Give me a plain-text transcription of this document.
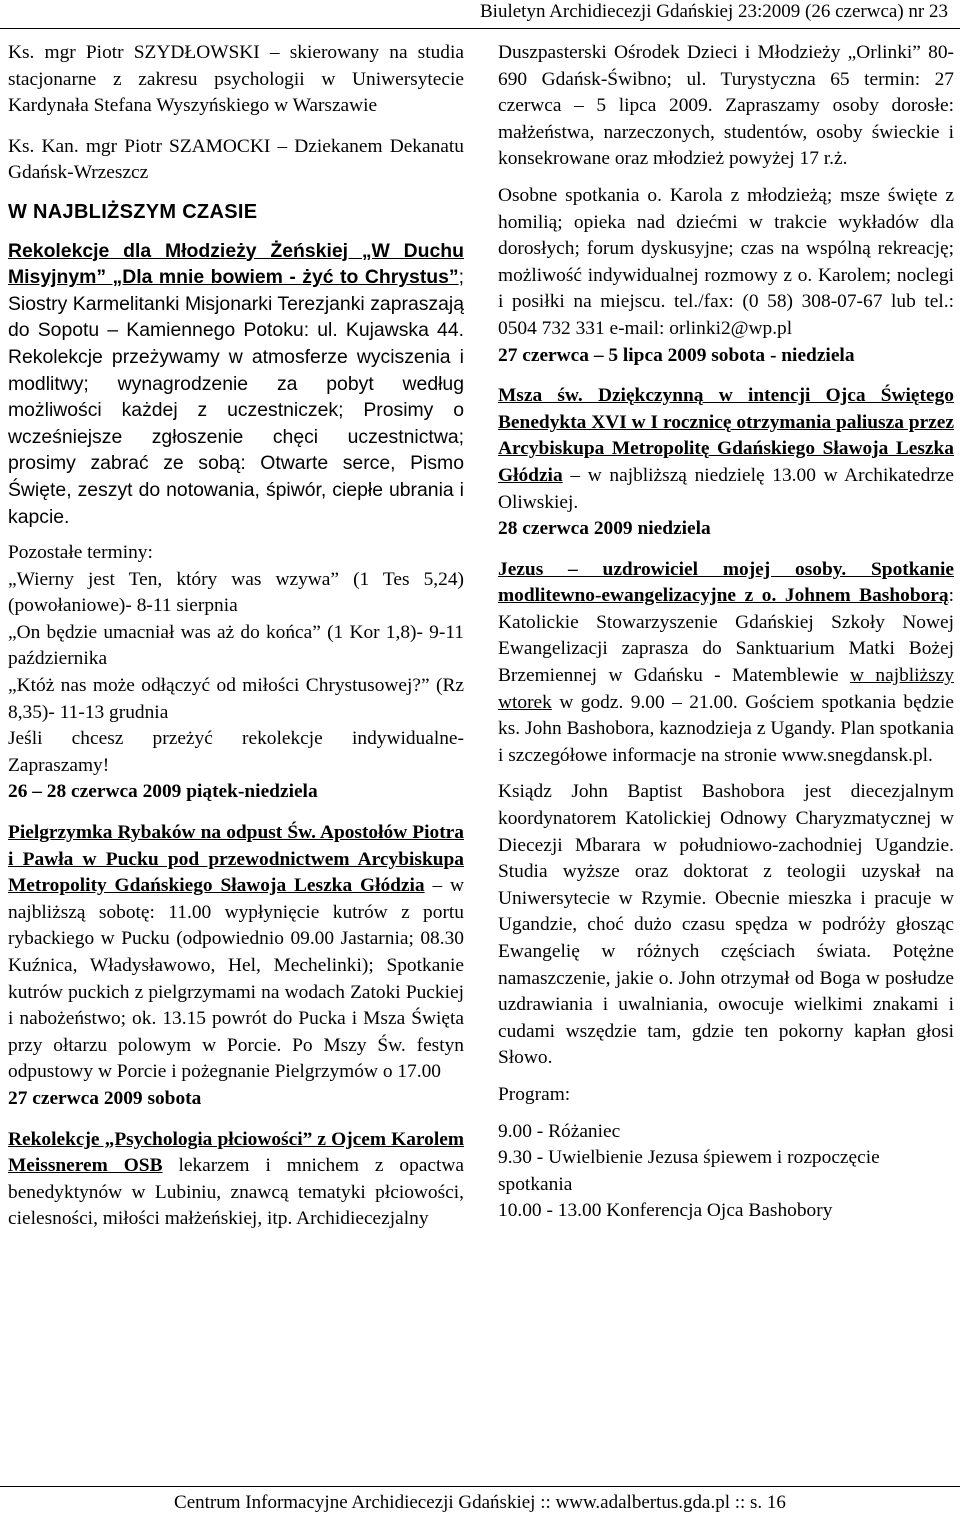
Biuletyn Archidiecezji Gdańskiej 23:2009 (26 czerwca) nr 23

Ks. mgr Piotr SZYDŁOWSKI – skierowany na studia stacjonarne z zakresu psychologii w Uniwersytecie Kardynała Stefana Wyszyńskiego w Warszawie

Ks. Kan. mgr Piotr SZAMOCKI – Dziekanem Dekanatu Gdańsk-Wrzeszcz

W NAJBLIŻSZYM CZASIE

Rekolekcje dla Młodzieży Żeńskiej „W Duchu Misyjnym” „Dla mnie bowiem - żyć to Chrystus”; Siostry Karmelitanki Misjonarki Terezjanki zapraszają do Sopotu – Kamiennego Potoku: ul. Kujawska 44. Rekolekcje przeżywamy w atmosferze wyciszenia i modlitwy; wynagrodzenie za pobyt według możliwości każdej z uczestniczek; Prosimy o wcześniejsze zgłoszenie chęci uczestnictwa; prosimy zabrać ze sobą: Otwarte serce, Pismo Święte, zeszyt do notowania, śpiwór, ciepłe ubrania i kapcie.

Pozostałe terminy:

„Wierny jest Ten, który was wzywa” (1 Tes 5,24) (powołaniowe)- 8-11 sierpnia

„On będzie umacniał was aż do końca” (1 Kor 1,8)- 9-11 października

„Któż nas może odłączyć od miłości Chrystusowej?” (Rz 8,35)- 11-13 grudnia

Jeśli chcesz przeżyć rekolekcje indywidualne- Zapraszamy!

26 – 28 czerwca 2009 piątek-niedziela

Pielgrzymka Rybaków na odpust Św. Apostołów Piotra i Pawła w Pucku pod przewodnictwem Arcybiskupa Metropolity Gdańskiego Sławoja Leszka Głódzia – w najbliższą sobotę: 11.00 wypłynięcie kutrów z portu rybackiego w Pucku (odpowiednio 09.00 Jastarnia; 08.30 Kuźnica, Władysławowo, Hel, Mechelinki); Spotkanie kutrów puckich z pielgrzymami na wodach Zatoki Puckiej i nabożeństwo; ok. 13.15 powrót do Pucka i Msza Święta przy ołtarzu polowym w Porcie. Po Mszy Św. festyn odpustowy w Porcie i pożegnanie Pielgrzymów o 17.00

27 czerwca 2009 sobota

Rekolekcje „Psychologia płciowości” z Ojcem Karolem Meissnerem OSB lekarzem i mnichem z opactwa benedyktynów w Lubiniu, znawcą tematyki płciowości, cielesności, miłości małżeńskiej, itp. Archidiecezjalny

Duszpasterski Ośrodek Dzieci i Młodzieży „Orlinki” 80-690 Gdańsk-Świbno; ul. Turystyczna 65 termin: 27 czerwca – 5 lipca 2009. Zapraszamy osoby dorosłe: małżeństwa, narzeczonych, studentów, osoby świeckie i konsekrowane oraz młodzież powyżej 17 r.ż.

Osobne spotkania o. Karola z młodzieżą; msze święte z homilią; opieka nad dziećmi w trakcie wykładów dla dorosłych; forum dyskusyjne; czas na wspólną rekreację; możliwość indywidualnej rozmowy z o. Karolem; noclegi i posiłki na miejscu. tel./fax: (0 58) 308-07-67 lub tel.: 0504 732 331 e-mail: orlinki2@wp.pl

27 czerwca – 5 lipca 2009 sobota - niedziela

Msza św. Dziękczynną w intencji Ojca Świętego Benedykta XVI w I rocznicę otrzymania paliusza przez Arcybiskupa Metropolitę Gdańskiego Sławoja Leszka Głódzia – w najbliższą niedzielę 13.00 w Archikatedrze Oliwskiej.

28 czerwca 2009 niedziela

Jezus – uzdrowiciel mojej osoby. Spotkanie modlitewno-ewangelizacyjne z o. Johnem Bashoborą: Katolickie Stowarzyszenie Gdańskiej Szkoły Nowej Ewangelizacji zaprasza do Sanktuarium Matki Bożej Brzemiennej w Gdańsku - Matemblewie w najbliższy wtorek w godz. 9.00 – 21.00. Gościem spotkania będzie ks. John Bashobora, kaznodzieja z Ugandy. Plan spotkania i szczegółowe informacje na stronie www.snegdansk.pl.

Ksiądz John Baptist Bashobora jest diecezjalnym koordynatorem Katolickiej Odnowy Charyzmatycznej w Diecezji Mbarara w południowo-zachodniej Ugandzie. Studia wyższe oraz doktorat z teologii uzyskał na Uniwersytecie w Rzymie. Obecnie mieszka i pracuje w Ugandzie, choć dużo czasu spędza w podróży głosząc Ewangelię w różnych częściach świata. Potężne namaszczenie, jakie o. John otrzymał od Boga w posłudze uzdrawiania i uwalniania, owocuje wielkimi znakami i cudami wszędzie tam, gdzie ten pokorny kapłan głosi Słowo.

Program:

9.00 - Różaniec

9.30 - Uwielbienie Jezusa śpiewem i rozpoczęcie spotkania

10.00 - 13.00 Konferencja Ojca Bashobory

Centrum Informacyjne Archidiecezji Gdańskiej :: www.adalbertus.gda.pl :: s. 16
